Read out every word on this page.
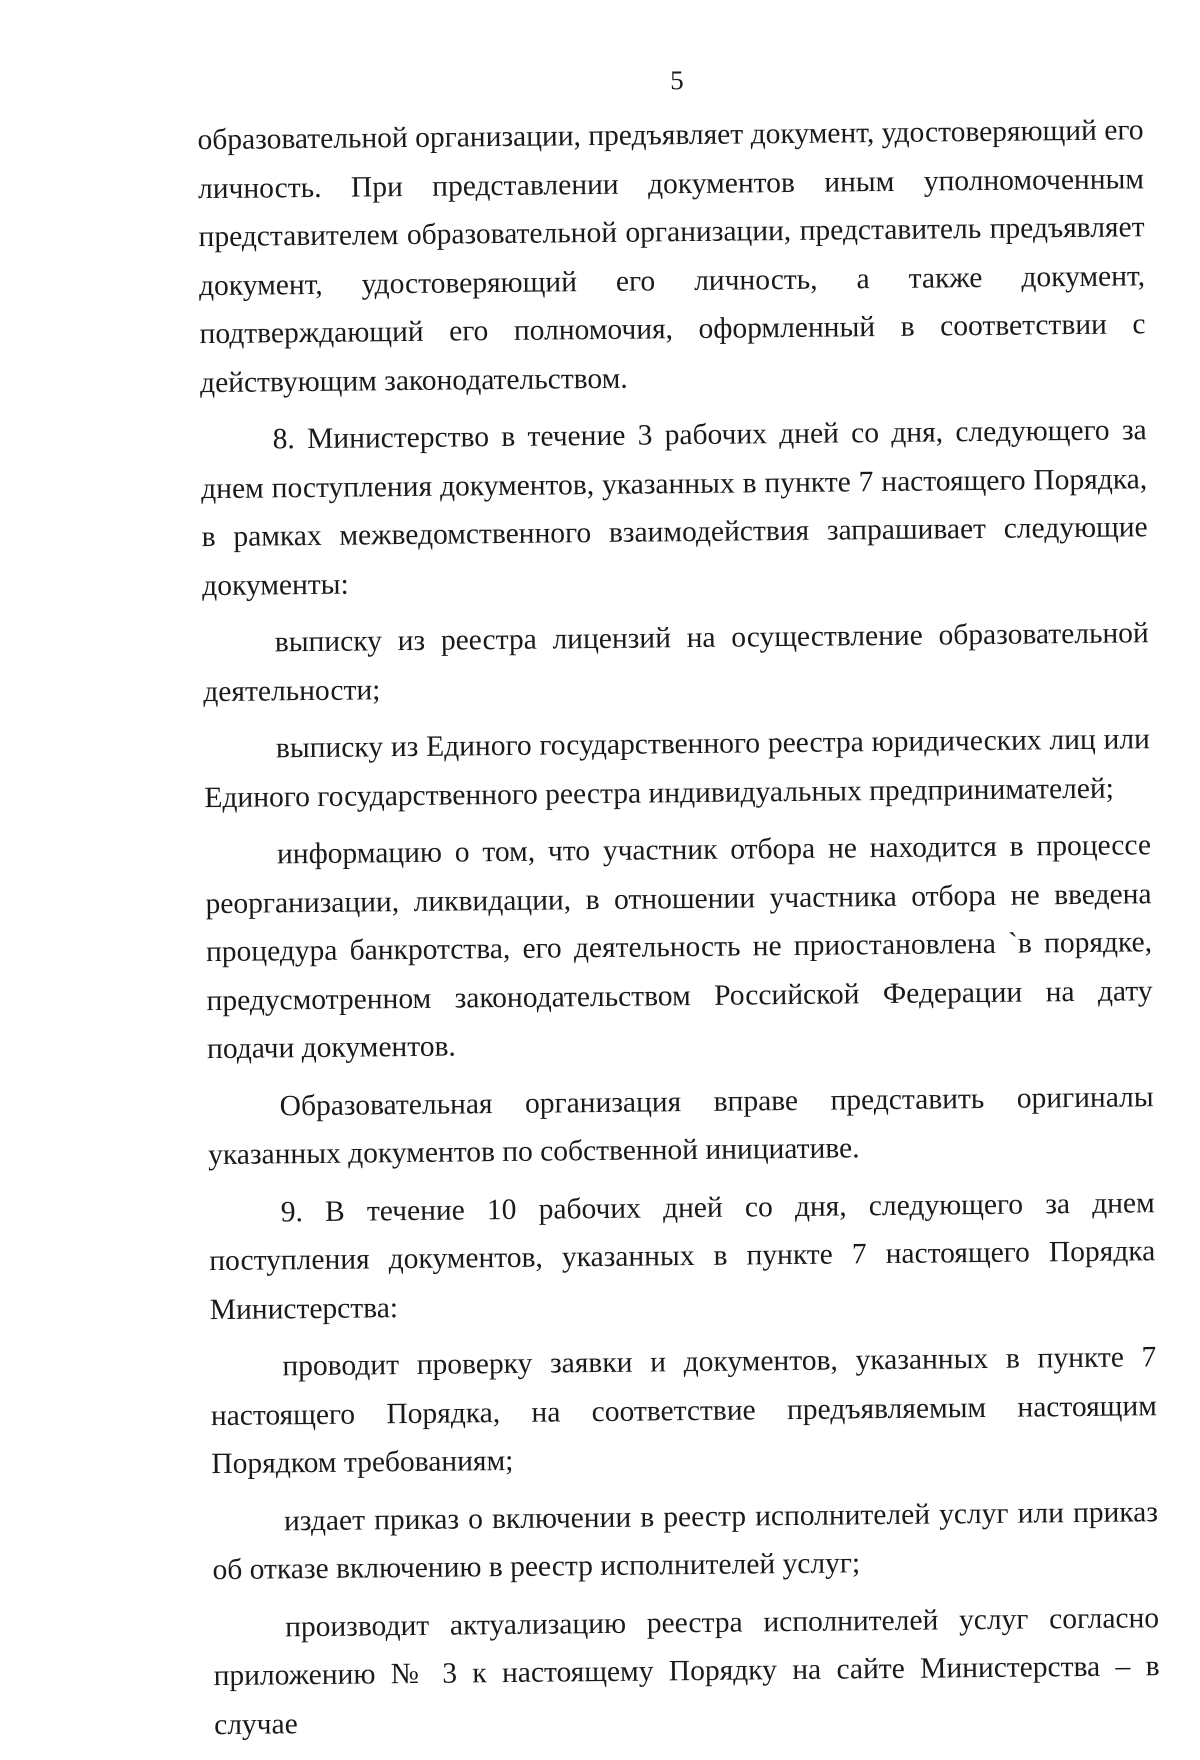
5

образовательной организации, предъявляет документ, удостоверяющий его личность. При представлении документов иным уполномоченным представителем образовательной организации, представитель предъявляет документ, удостоверяющий его личность, а также документ, подтверждающий его полномочия, оформленный в соответствии с действующим законодательством.

8. Министерство в течение 3 рабочих дней со дня, следующего за днем поступления документов, указанных в пункте 7 настоящего Порядка, в рамках межведомственного взаимодействия запрашивает следующие документы:

выписку из реестра лицензий на осуществление образовательной деятельности;

выписку из Единого государственного реестра юридических лиц или Единого государственного реестра индивидуальных предпринимателей;

информацию о том, что участник отбора не находится в процессе реорганизации, ликвидации, в отношении участника отбора не введена процедура банкротства, его деятельность не приостановлена `в порядке, предусмотренном законодательством Российской Федерации на дату подачи документов.

Образовательная организация вправе представить оригиналы указанных документов по собственной инициативе.

9. В течение 10 рабочих дней со дня, следующего за днем поступления документов, указанных в пункте 7 настоящего Порядка Министерства:

проводит проверку заявки и документов, указанных в пункте 7 настоящего Порядка, на соответствие предъявляемым настоящим Порядком требованиям;

издает приказ о включении в реестр исполнителей услуг или приказ об отказе включению в реестр исполнителей услуг;

производит актуализацию реестра исполнителей услуг согласно приложению № 3 к настоящему Порядку на сайте Министерства – в случае
